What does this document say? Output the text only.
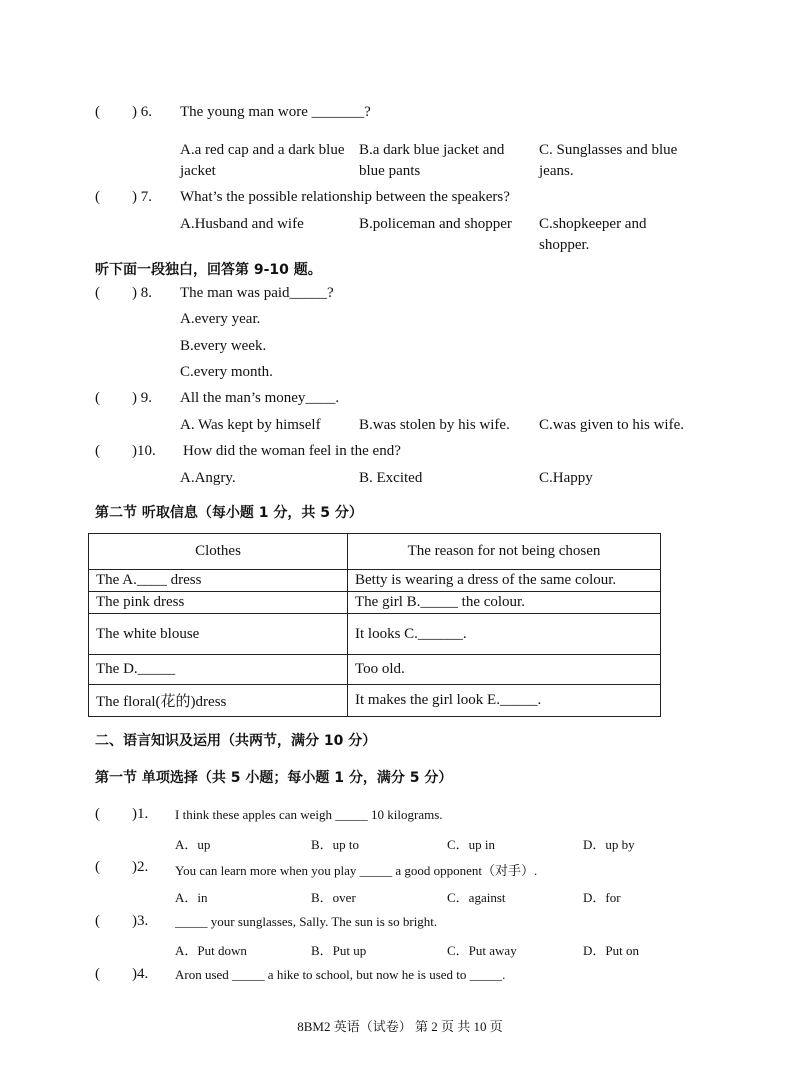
( ) 6. The young man wore _______?
A.a red cap and a dark blue jacket
B.a dark blue jacket and blue pants
C. Sunglasses and blue jeans.
( ) 7. What’s the possible relationship between the speakers?
A.Husband and wife	B.policeman and shopper	C.shopkeeper and shopper.
听下面一段独白，回答第 9-10 题。
( ) 8. The man was paid_____?
A.every year.
B.every week.
C.every month.
( ) 9. All the man’s money____.
A. Was kept by himself	B.was stolen by his wife. C.was given to his wife.
( )10. How did the woman feel in the end?
A.Angry.	B. Excited	C.Happy
第二节 听取信息（每小题 1 分，共 5 分）
Clothes	The reason for not being chosen
The A.____ dress	Betty is wearing a dress of the same colour.
The pink dress	The girl B._____ the colour.
The white blouse	It looks C.______.
The D._____	Too old.
The floral(花的)dress	It makes the girl look E._____.
二、语言知识及运用（共两节，满分 10 分）
第一节 单项选择（共 5 小题；每小题 1 分，满分 5 分）
( )1. I think these apples can weigh _____ 10 kilograms.
A．up	B．up to	C．up in	D．up by
( )2. You can learn more when you play _____ a good opponent（对手）.
A．in	B．over	C．against	D．for
( )3. _____ your sunglasses, Sally. The sun is so bright.
A．Put down	B．Put up	C．Put away	D．Put on
( )4. Aron used _____ a hike to school, but now he is used to _____.
8BM2 英语（试卷） 第 2 页 共 10 页
